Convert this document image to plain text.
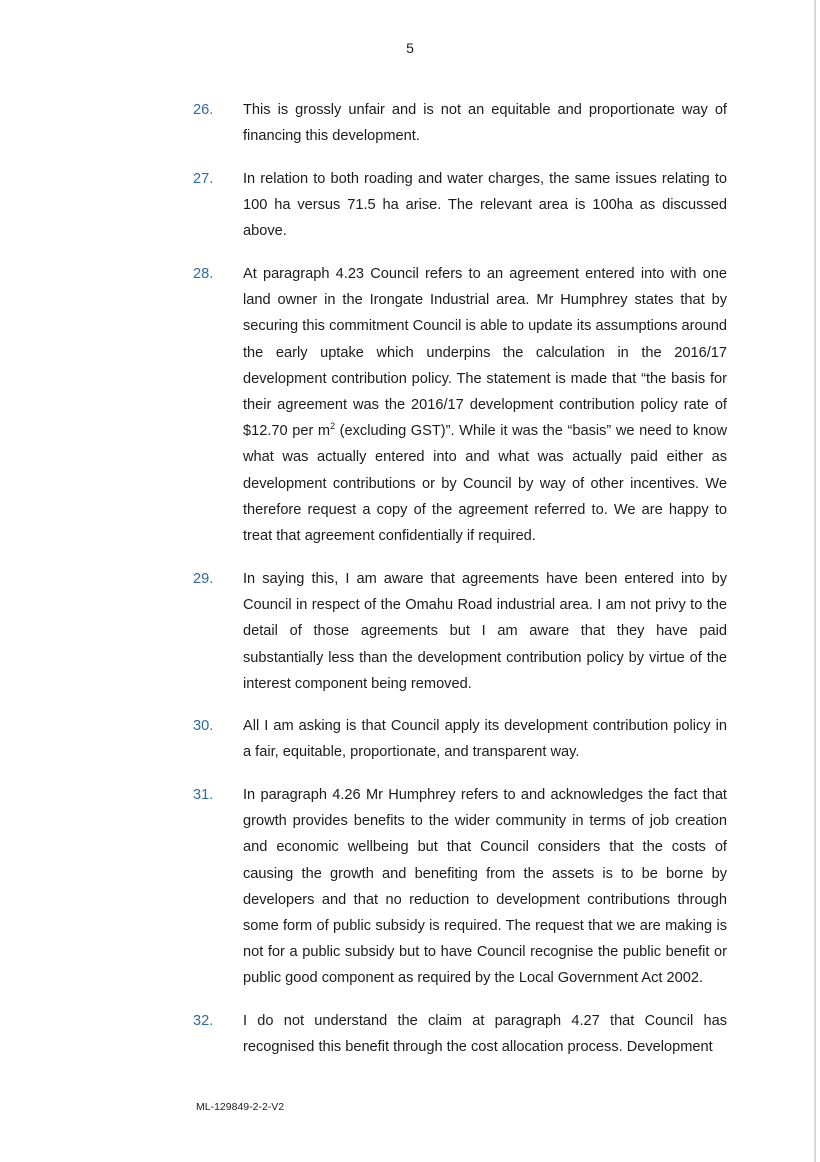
5
26.	This is grossly unfair and is not an equitable and proportionate way of financing this development.
27.	In relation to both roading and water charges, the same issues relating to 100 ha versus 71.5 ha arise. The relevant area is 100ha as discussed above.
28.	At paragraph 4.23 Council refers to an agreement entered into with one land owner in the Irongate Industrial area. Mr Humphrey states that by securing this commitment Council is able to update its assumptions around the early uptake which underpins the calculation in the 2016/17 development contribution policy. The statement is made that “the basis for their agreement was the 2016/17 development contribution policy rate of $12.70 per $m^2$ (excluding GST)”. While it was the “basis” we need to know what was actually entered into and what was actually paid either as development contributions or by Council by way of other incentives. We therefore request a copy of the agreement referred to. We are happy to treat that agreement confidentially if required.
29.	In saying this, I am aware that agreements have been entered into by Council in respect of the Omahu Road industrial area. I am not privy to the detail of those agreements but I am aware that they have paid substantially less than the development contribution policy by virtue of the interest component being removed.
30.	All I am asking is that Council apply its development contribution policy in a fair, equitable, proportionate, and transparent way.
31.	In paragraph 4.26 Mr Humphrey refers to and acknowledges the fact that growth provides benefits to the wider community in terms of job creation and economic wellbeing but that Council considers that the costs of causing the growth and benefiting from the assets is to be borne by developers and that no reduction to development contributions through some form of public subsidy is required. The request that we are making is not for a public subsidy but to have Council recognise the public benefit or public good component as required by the Local Government Act 2002.
32.	I do not understand the claim at paragraph 4.27 that Council has recognised this benefit through the cost allocation process. Development
ML-129849-2-2-V2
